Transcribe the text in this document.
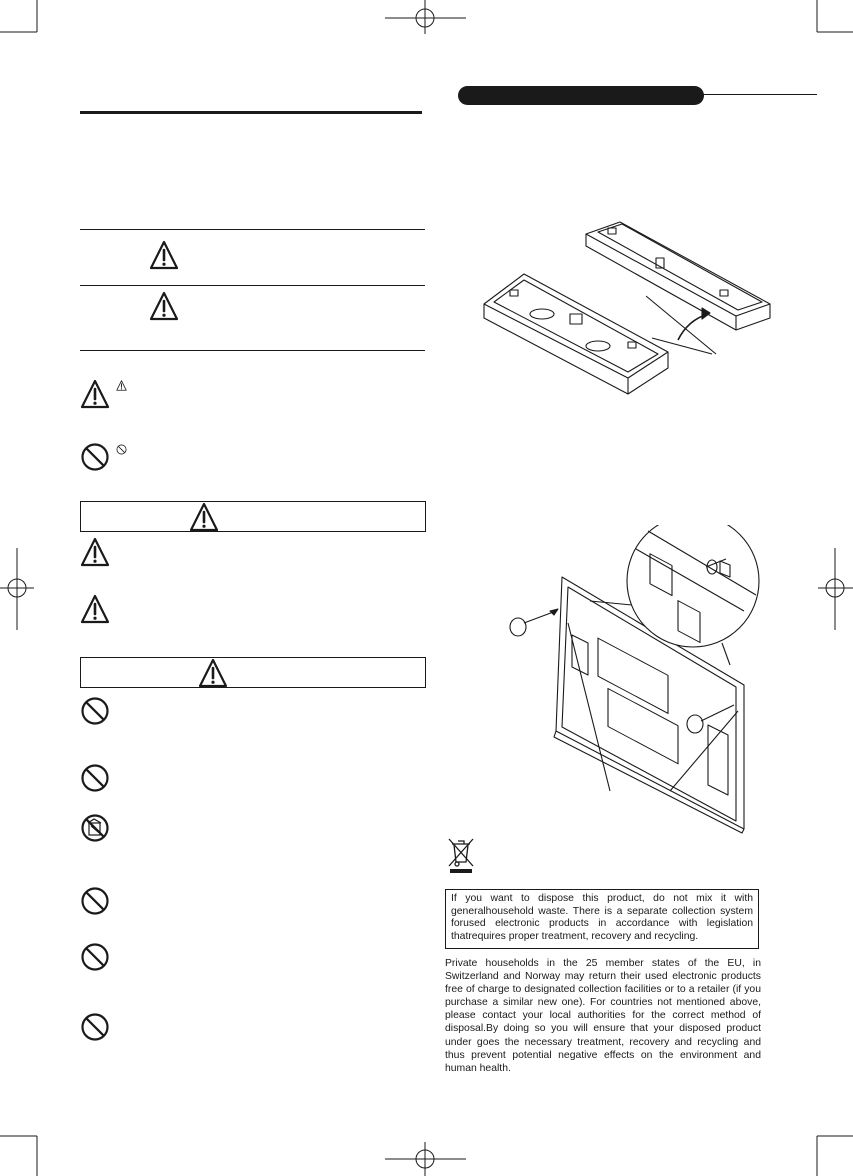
If you want to dispose this product, do not mix it with generalhousehold waste. There is a separate collection system forused electronic products in accordance with legislation thatrequires proper treatment, recovery and recycling.
Private households in the 25 member states of the EU, in Switzerland and Norway may return their used electronic products free of charge to designated collection facilities or to a retailer (if you purchase a similar new one). For countries not mentioned above, please contact your local authorities for the correct method of disposal.By doing so you will ensure that your disposed product under goes the necessary treatment, recovery and recycling and thus prevent potential negative effects on the environment and human health.
